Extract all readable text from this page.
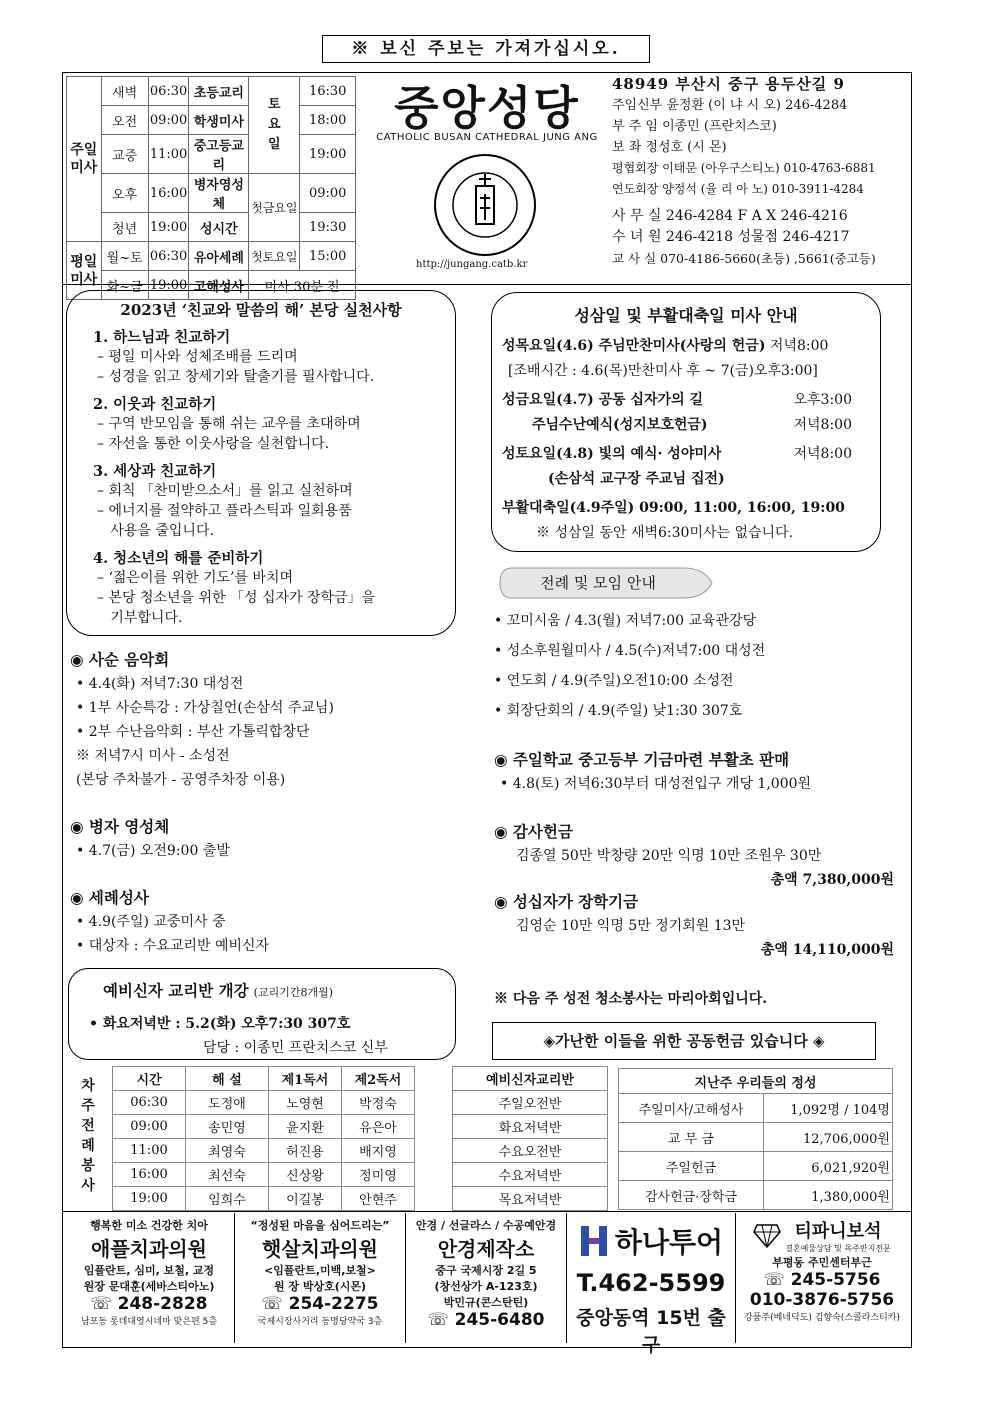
※ 보신 주보는 가져가십시오.
주일
미사	새벽	06:30	초등교리	토
요
일	16:30
	오전	09:00	학생미사		18:00
	교중	11:00	중고등교리		19:00
	오후	16:00	병자영성체	첫금요일	09:00
	청년	19:00	성시간		19:30
평일
미사	월~토	06:30	유아세례	첫토요일	15:00
	화~금	19:00	고해성사	미사 30분 전	
중앙성당
CATHOLIC BUSAN CATHEDRAL JUNG ANG
http://jungang.catb.kr
48949 부산시 중구 용두산길 9
주임신부 윤정환 (이 냐 시 오) 246-4284
부 주 임 이종민 (프란치스코)
보 좌 정성호 (시 몬)
평협회장 이태문 (아우구스티노) 010-4763-6881
연도회장 양정석 (율 리 아 노) 010-3911-4284
사 무 실 246-4284 F A X 246-4216
수 녀 원 246-4218 성물점 246-4217
교 사 실 070-4186-5660(초등) ,5661(중고등)
2023년 ‘친교와 말씀의 해’ 본당 실천사항
1. 하느님과 친교하기
– 평일 미사와 성체조배를 드리며
– 성경을 읽고 창세기와 탈출기를 필사합니다.
2. 이웃과 친교하기
– 구역 반모임을 통해 쉬는 교우를 초대하며
– 자선을 통한 이웃사랑을 실천합니다.
3. 세상과 친교하기
– 회칙 「찬미받으소서」를 읽고 실천하며
– 에너지를 절약하고 플라스틱과 일회용품
사용을 줄입니다.
4. 청소년의 해를 준비하기
– ‘젊은이를 위한 기도’를 바치며
– 본당 청소년을 위한 「성 십자가 장학금」을
기부합니다.
성삼일 및 부활대축일 미사 안내
성목요일(4.6) 주님만찬미사(사랑의 헌금) 저녁8:00
[조배시간 : 4.6(목)만찬미사 후 ~ 7(금)오후3:00]
성금요일(4.7) 공동 십자가의 길	오후3:00
주님수난예식(성지보호헌금)	저녁8:00
성토요일(4.8) 빛의 예식· 성야미사	저녁8:00
(손삼석 교구장 주교님 집전)
부활대축일(4.9주일) 09:00, 11:00, 16:00, 19:00
※ 성삼일 동안 새벽6:30미사는 없습니다.
전례 및 모임 안내
• 꼬미시움 / 4.3(월) 저녁7:00 교육관강당
• 성소후원월미사 / 4.5(수)저녁7:00 대성전
• 연도회 / 4.9(주일)오전10:00 소성전
• 회장단회의 / 4.9(주일) 낮1:30 307호
◉ 사순 음악회
• 4.4(화) 저녁7:30 대성전
• 1부 사순특강 : 가상칠언(손삼석 주교님)
• 2부 수난음악회 : 부산 가톨릭합창단
※ 저녁7시 미사 - 소성전
(본당 주차불가 - 공영주차장 이용)
◉ 병자 영성체
• 4.7(금) 오전9:00 출발
◉ 세례성사
• 4.9(주일) 교중미사 중
• 대상자 : 수요교리반 예비신자
◉ 주일학교 중고등부 기금마련 부활초 판매
• 4.8(토) 저녁6:30부터 대성전입구 개당 1,000원
◉ 감사헌금
김종열 50만 박창량 20만 익명 10만 조원우 30만
총액 7,380,000원
◉ 성십자가 장학기금
김영순 10만 익명 5만 정기회원 13만
총액 14,110,000원
예비신자 교리반 개강 (교리기간8개월)
• 화요저녁반 : 5.2(화) 오후7:30 307호
담당 : 이종민 프란치스코 신부
※ 다음 주 성전 청소봉사는 마리아회입니다.
◈가난한 이들을 위한 공동헌금 있습니다 ◈
차
주
전
례
봉
사
시간	해 설	제1독서	제2독서
06:30	도정애	노영현	박정숙
09:00	송민영	윤지환	유은아
11:00	최영숙	허진용	배지영
16:00	최선숙	신상왕	정미영
19:00	임희수	이길봉	안현주
예비신자교리반
주일오전반
화요저녁반
수요오전반
수요저녁반
목요저녁반
지난주 우리들의 정성	
주일미사/고해성사	1,092명 / 104명
교 무 금	12,706,000원
주일헌금	6,021,920원
감사헌금·장학금	1,380,000원
행복한 미소 건강한 치아
애플치과의원
임플란트, 심미, 보철, 교정
원장 문대훈(세바스티아노)
☏ 248-2828
남포동 롯데대영시네마 맞은편 5층
“정성된 마음을 심어드리는”
햇살치과의원
<임플란트,미백,보철>
원 장 박상호(시몬)
☏ 254-2275
국제시장사거리 동명당약국 3층
안경 / 선글라스 / 수공예안경
안경제작소
중구 국제시장 2길 5
(창선상가 A-123호)
박민규(콘스탄틴)
☏ 245-6480
하나투어
T.462-5599
중앙동역 15번 출구
티파니보석
결혼예물상담 및 목주반지전문
부평동 주민센터부근
☏ 245-5756
010-3876-5756
강품주(베네딕도) 김향숙(스콜라스티카)
